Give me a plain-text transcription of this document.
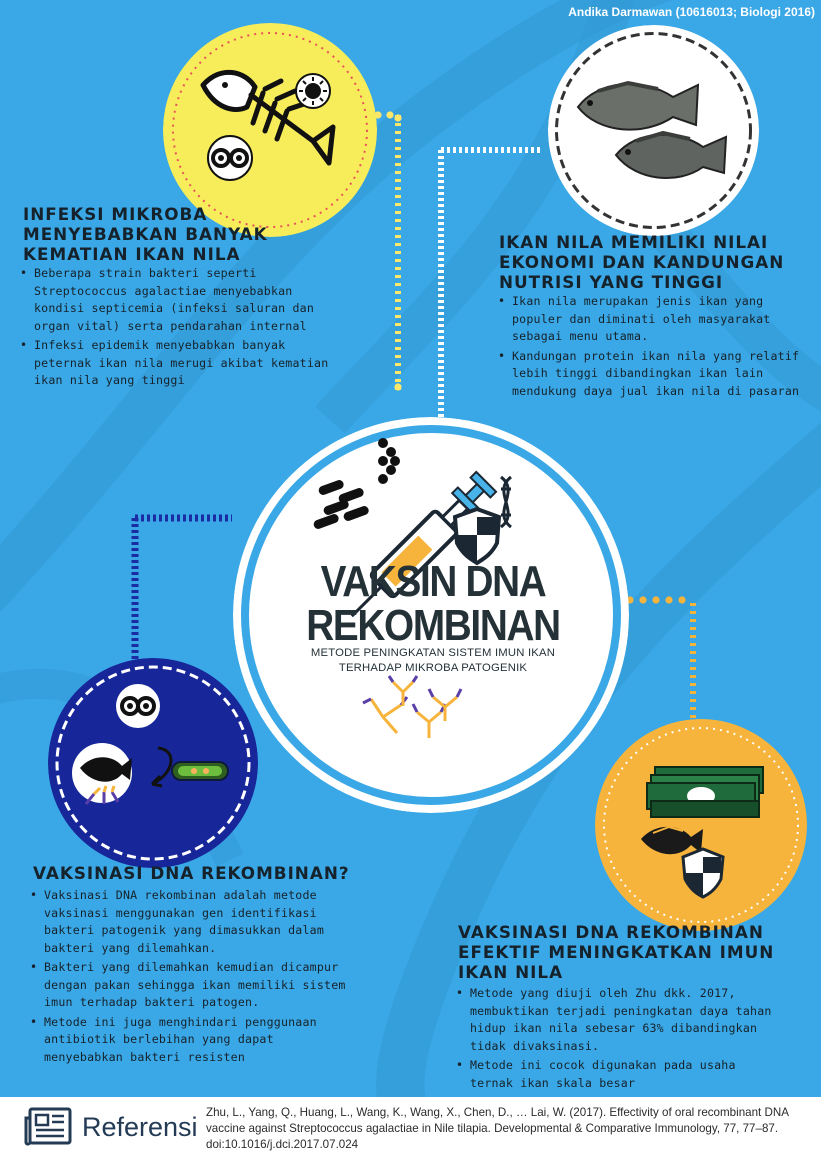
Andika Darmawan (10616013; Biologi 2016)
VAKSIN DNA
REKOMBINAN
METODE PENINGKATAN SISTEM IMUN IKAN
TERHADAP MIKROBA PATOGENIK
INFEKSI MIKROBA
MENYEBABKAN BANYAK
KEMATIAN IKAN NILA
• Beberapa strain bakteri seperti Streptococcus agalactiae menyebabkan kondisi septicemia (infeksi saluran dan organ vital) serta pendarahan internal
• Infeksi epidemik menyebabkan banyak peternak ikan nila merugi akibat kematian ikan nila yang tinggi
IKAN NILA MEMILIKI NILAI
EKONOMI DAN KANDUNGAN
NUTRISI YANG TINGGI
• Ikan nila merupakan jenis ikan yang populer dan diminati oleh masyarakat sebagai menu utama.
• Kandungan protein ikan nila yang relatif lebih tinggi dibandingkan ikan lain mendukung daya jual ikan nila di pasaran
VAKSINASI DNA REKOMBINAN?
• Vaksinasi DNA rekombinan adalah metode vaksinasi menggunakan gen identifikasi bakteri patogenik yang dimasukkan dalam bakteri yang dilemahkan.
• Bakteri yang dilemahkan kemudian dicampur dengan pakan sehingga ikan memiliki sistem imun terhadap bakteri patogen.
• Metode ini juga menghindari penggunaan antibiotik berlebihan yang dapat menyebabkan bakteri resisten
VAKSINASI DNA REKOMBINAN
EFEKTIF MENINGKATKAN IMUN
IKAN NILA
• Metode yang diuji oleh Zhu dkk. 2017, membuktikan terjadi peningkatan daya tahan hidup ikan nila sebesar 63% dibandingkan tidak divaksinasi.
• Metode ini cocok digunakan pada usaha ternak ikan skala besar
Referensi Zhu, L., Yang, Q., Huang, L., Wang, K., Wang, X., Chen, D., … Lai, W. (2017). Effectivity of oral recombinant DNA vaccine against Streptococcus agalactiae in Nile tilapia. Developmental & Comparative Immunology, 77, 77–87. doi:10.1016/j.dci.2017.07.024
